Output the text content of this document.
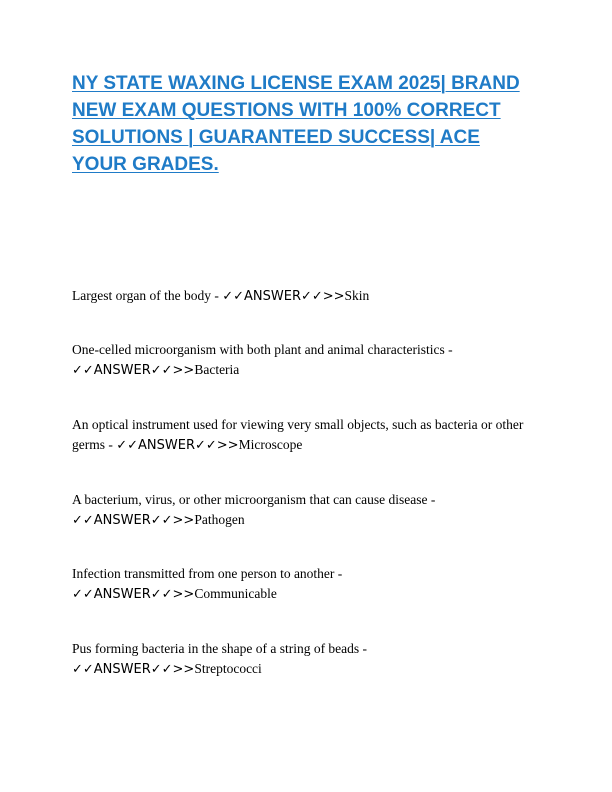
NY STATE WAXING LICENSE EXAM 2025| BRAND NEW EXAM QUESTIONS WITH 100% CORRECT SOLUTIONS | GUARANTEED SUCCESS| ACE YOUR GRADES.
Largest organ of the body - ✓✓ANSWER✓✓>>Skin
One-celled microorganism with both plant and animal characteristics -
✓✓ANSWER✓✓>>Bacteria
An optical instrument used for viewing very small objects, such as bacteria or other germs - ✓✓ANSWER✓✓>>Microscope
A bacterium, virus, or other microorganism that can cause disease -
✓✓ANSWER✓✓>>Pathogen
Infection transmitted from one person to another -
✓✓ANSWER✓✓>>Communicable
Pus forming bacteria in the shape of a string of beads -
✓✓ANSWER✓✓>>Streptococci
